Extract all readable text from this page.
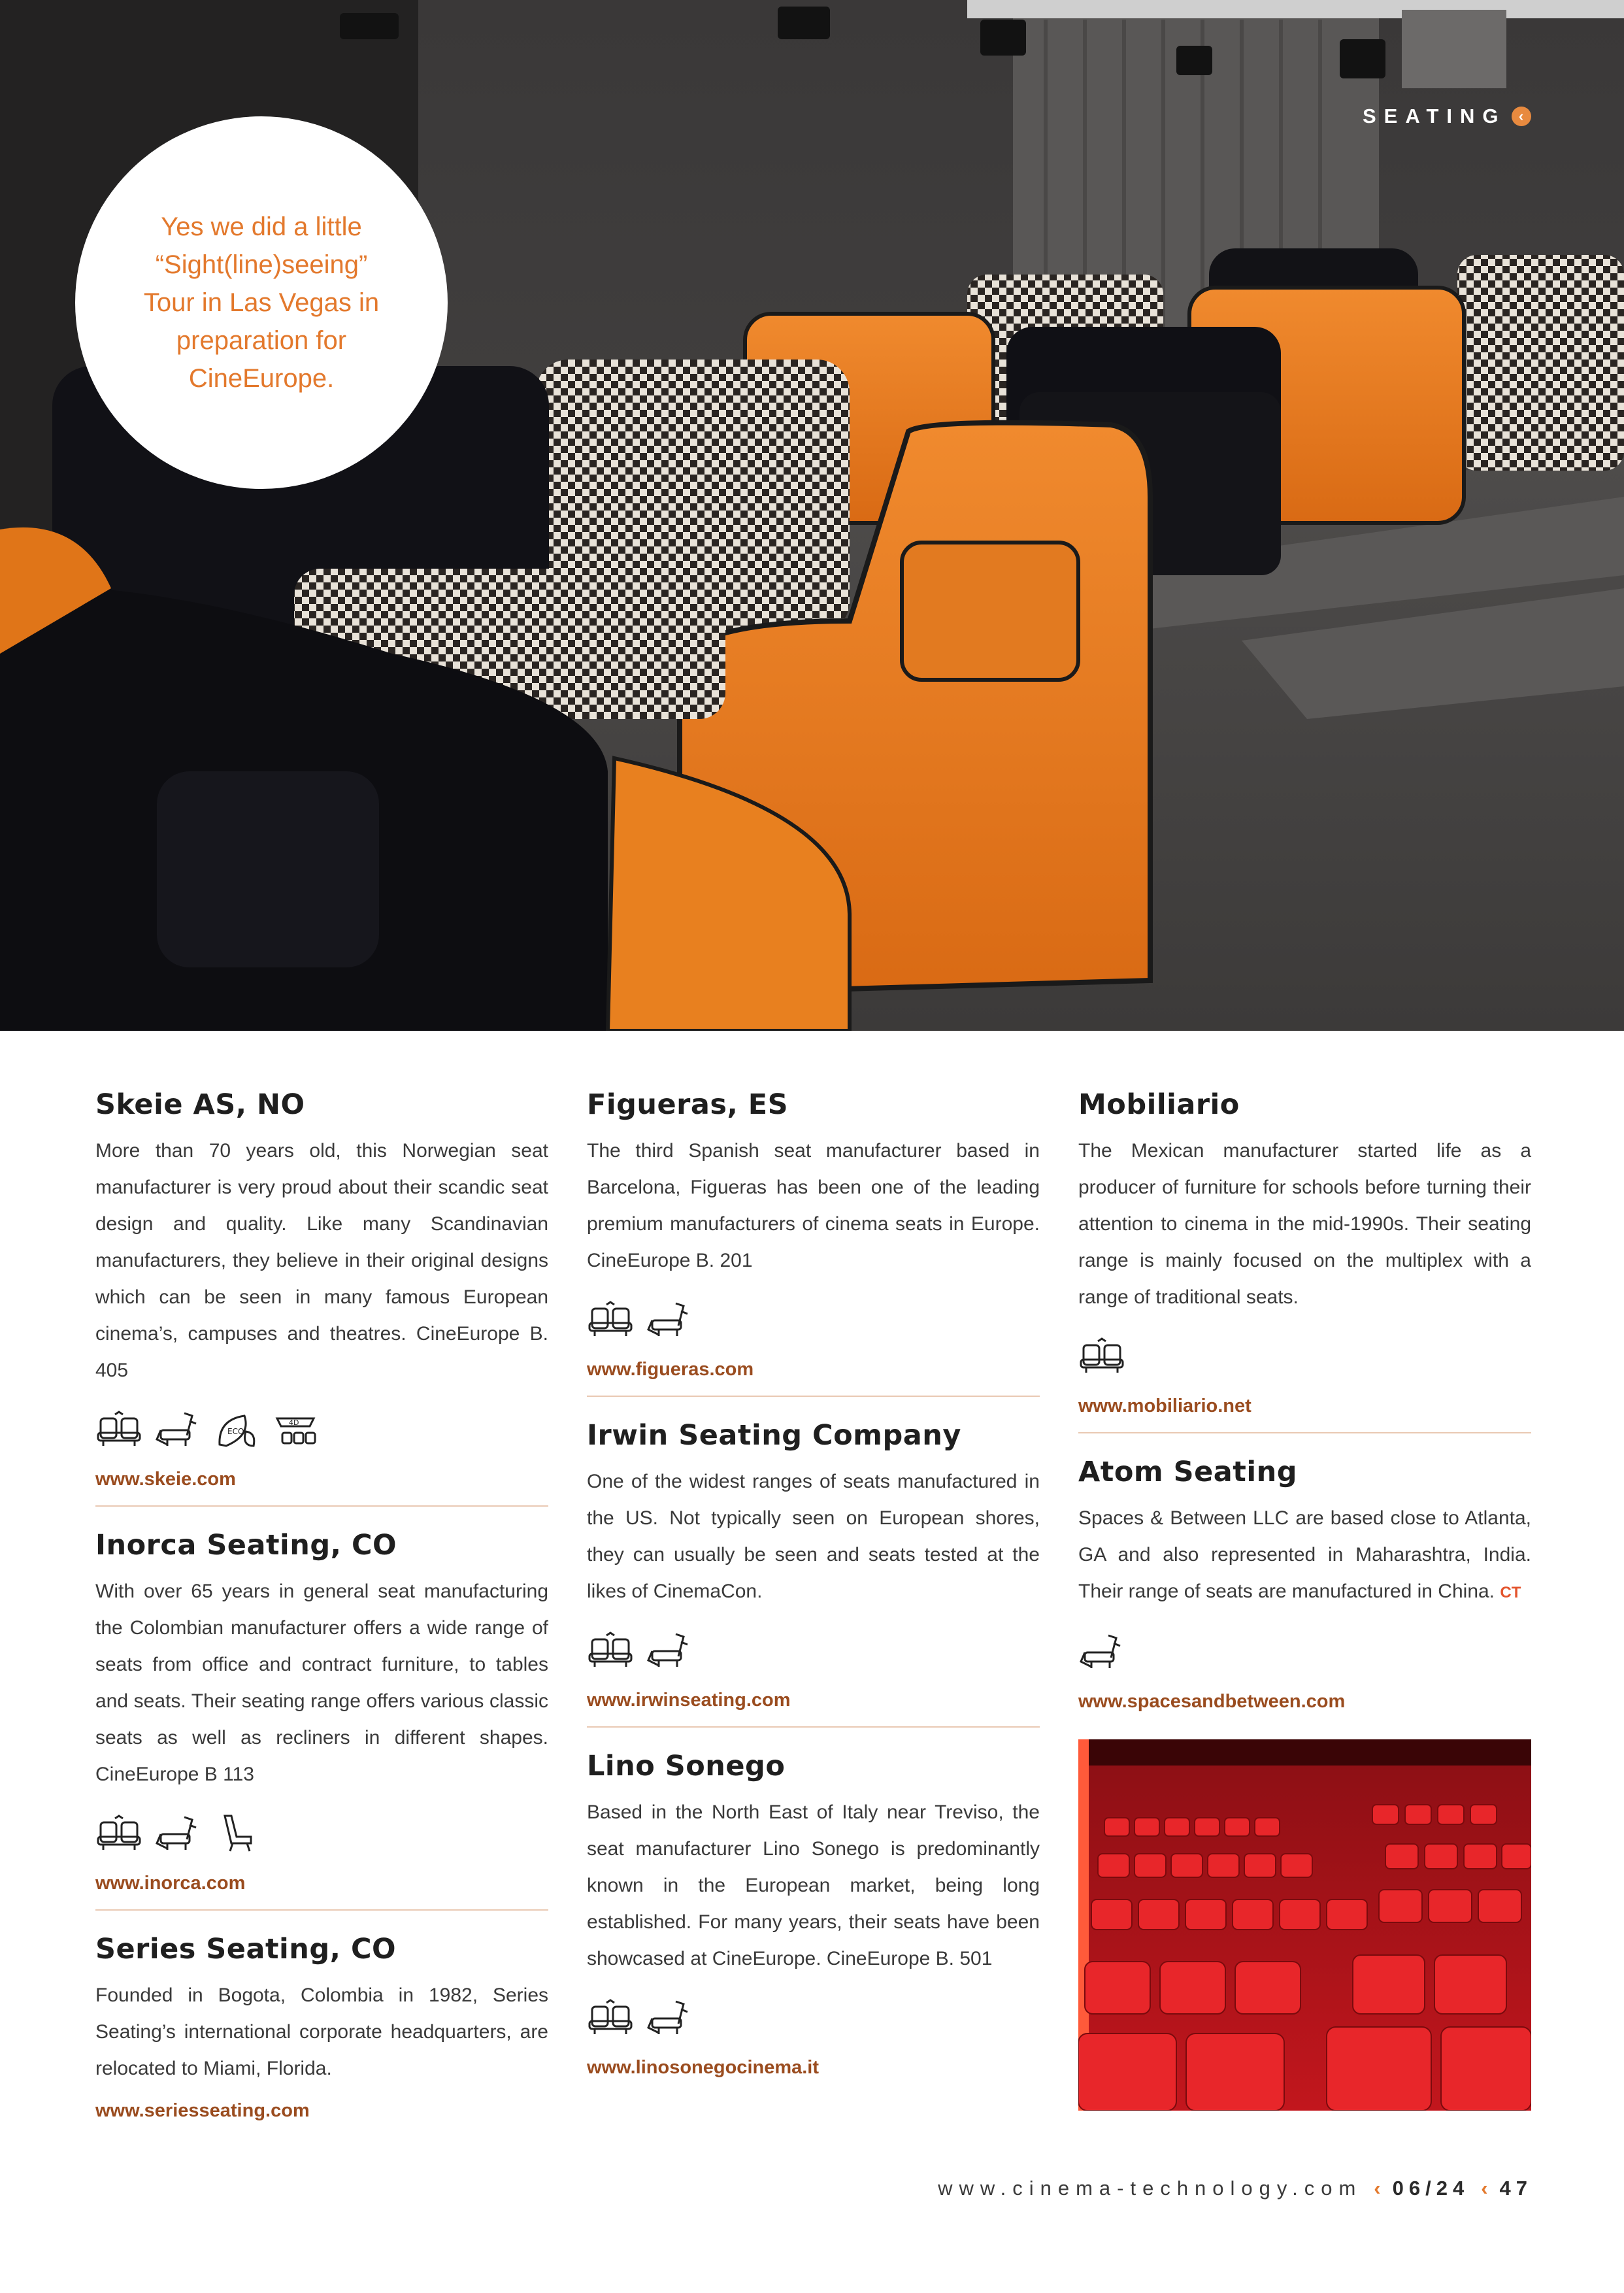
SEATING ‹
Yes we did a little “Sight(line)seeing” Tour in Las Vegas in preparation for CineEurope.
Skeie AS, NO

More than 70 years old, this Norwegian seat manufacturer is very proud about their scandic seat design and quality. Like many Scandinavian manufacturers, they believe in their original designs which can be seen in many famous European cinema’s, campuses and theatres. CineEurope B. 405

ECO
4D
www.skeie.com
Inorca Seating, CO

With over 65 years in general seat manufacturing the Colombian manufacturer offers a wide range of seats from office and contract furniture, to tables and seats. Their seating range offers various classic seats as well as recliners in different shapes. CineEurope B 113

www.inorca.com
Series Seating, CO

Founded in Bogota, Colombia in 1982, Series Seating’s international corporate headquarters, are relocated to Miami, Florida.

www.seriesseating.com
Figueras, ES

The third Spanish seat manufacturer based in Barcelona, Figueras has been one of the leading premium manufacturers of cinema seats in Europe. CineEurope B. 201

www.figueras.com
Irwin Seating Company

One of the widest ranges of seats manufactured in the US. Not typically seen on European shores, they can usually be seen and seats tested at the likes of CinemaCon.

www.irwinseating.com
Lino Sonego

Based in the North East of Italy near Treviso, the seat manufacturer Lino Sonego is predominantly known in the European market, being long established. For many years, their seats have been showcased at CineEurope. CineEurope B. 501

www.linosonegocinema.it
Mobiliario

The Mexican manufacturer started life as a producer of furniture for schools before turning their attention to cinema in the mid-1990s. Their seating range is mainly focused on the multiplex with a range of traditional seats.

www.mobiliario.net
Atom Seating

Spaces & Between LLC are based close to Atlanta, GA and also represented in Maharashtra, India. Their range of seats are manufactured in China. CT

www.spacesandbetween.com
www.cinema-technology.com ‹ 06/24 ‹ 47
